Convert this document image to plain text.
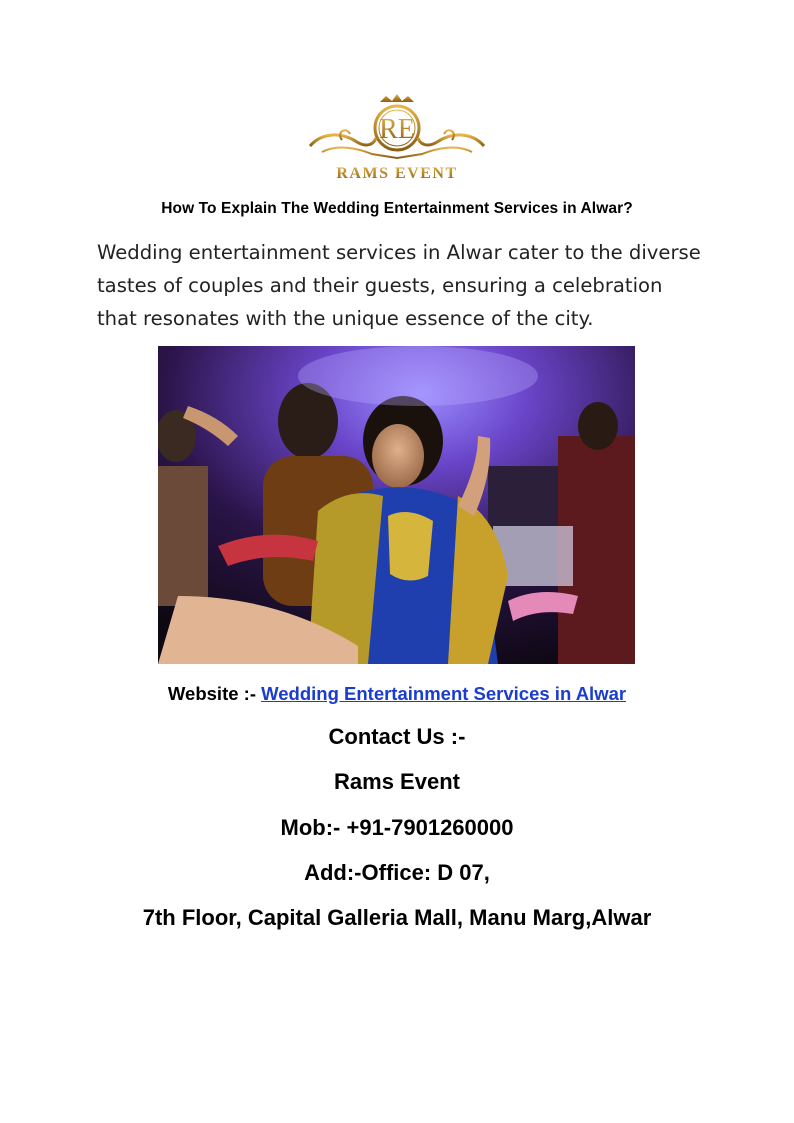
RAMS EVENT
RE
How To Explain The Wedding Entertainment Services in Alwar?
Wedding entertainment services in Alwar cater to the diverse tastes of couples and their guests, ensuring a celebration that resonates with the unique essence of the city.
Website :- Wedding Entertainment Services in Alwar
Contact Us :-
Rams Event
Mob:- +91-7901260000
Add:-Office: D 07,
7th Floor, Capital Galleria Mall, Manu Marg,Alwar
